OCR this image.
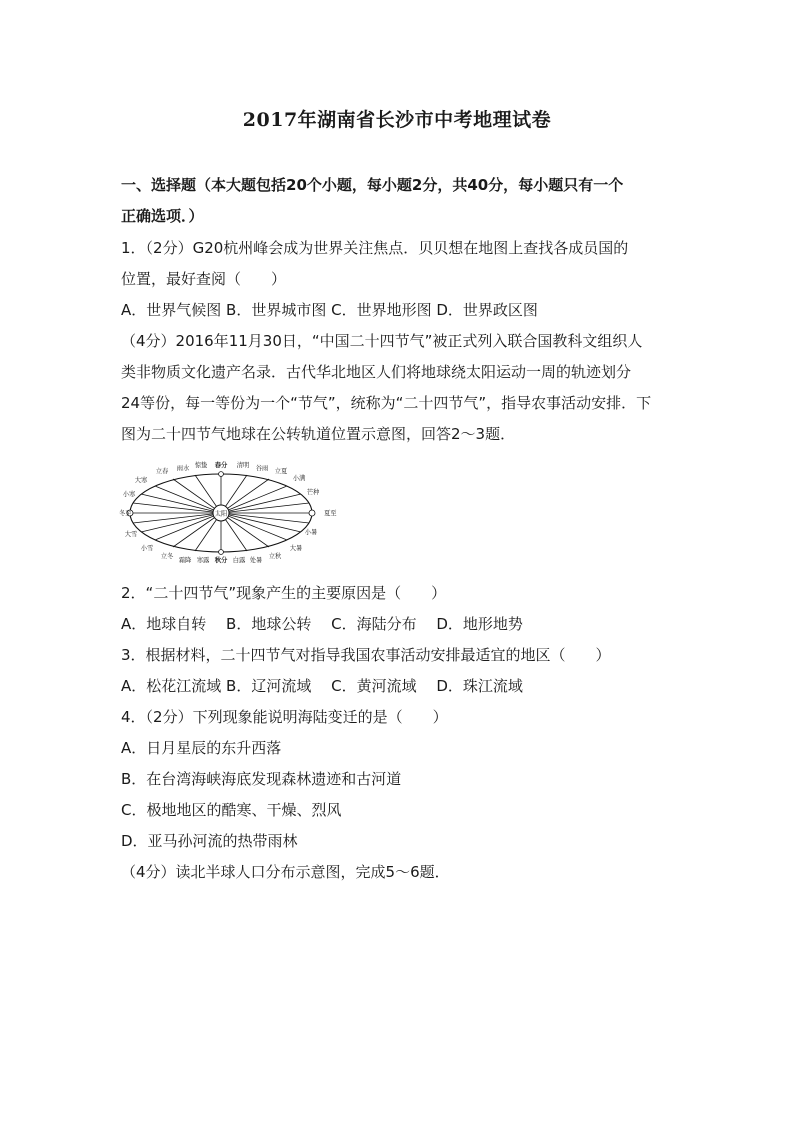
2017年湖南省长沙市中考地理试卷
一、选择题（本大题包括20个小题，每小题2分，共40分，每小题只有一个
正确选项．）
1．（2分）G20杭州峰会成为世界关注焦点．贝贝想在地图上查找各成员国的
位置，最好查阅（　　）
A．世界气候图 B．世界城市图 C．世界地形图 D．世界政区图
（4分）2016年11月30日，“中国二十四节气”被正式列入联合国教科文组织人
类非物质文化遗产名录．古代华北地区人们将地球绕太阳运动一周的轨迹划分
24等份，每一等份为一个“节气”，统称为“二十四节气”，指导农事活动安排．下
图为二十四节气地球在公转轨道位置示意图，回答2～3题．
太阳
春分 清明
惊蛰
雨水
立春	谷雨 立夏
小满
芒种
夏至
小暑
大暑
立秋
处暑
白露
秋分
寒露
霜降
立冬
小雪
大雪
冬至
小寒
大寒
2．“二十四节气”现象产生的主要原因是（　　）
A．地球自转　 B．地球公转　 C．海陆分布　 D．地形地势
3．根据材料，二十四节气对指导我国农事活动安排最适宜的地区（　　）
A．松花江流域 B．辽河流域　 C．黄河流域　 D．珠江流域
4．（2分）下列现象能说明海陆变迁的是（　　）
A．日月星辰的东升西落
B．在台湾海峡海底发现森林遗迹和古河道
C．极地地区的酷寒、干燥、烈风
D．亚马孙河流的热带雨林
（4分）读北半球人口分布示意图，完成5～6题．
